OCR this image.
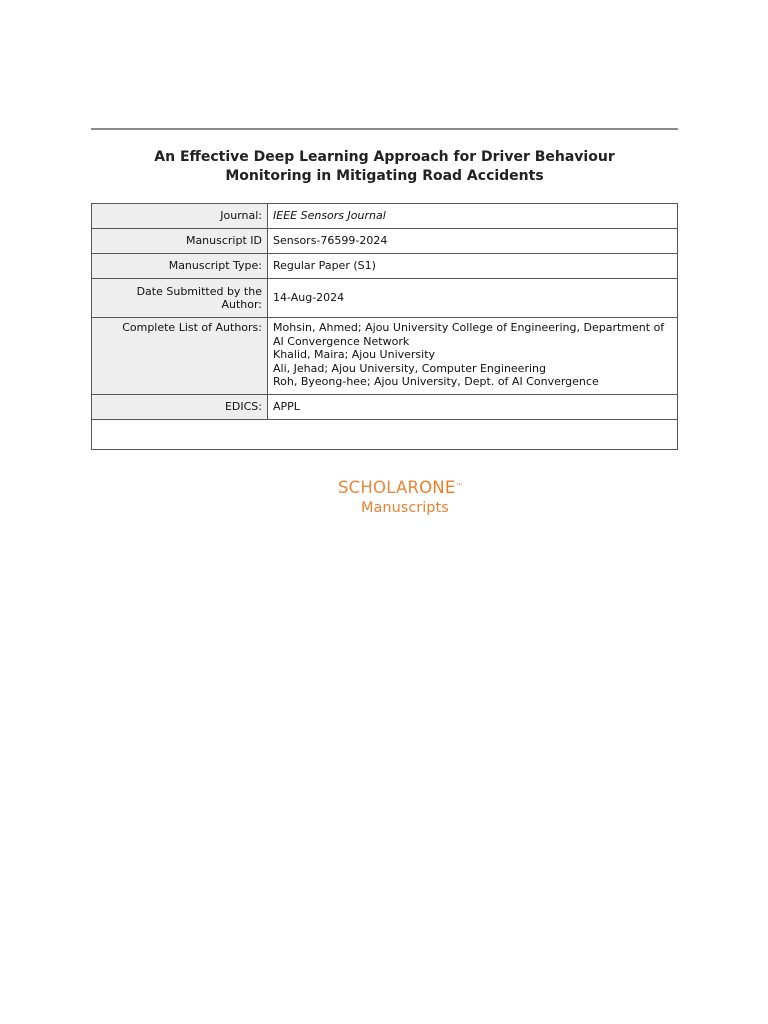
An Effective Deep Learning Approach for Driver Behaviour
Monitoring in Mitigating Road Accidents
Journal:	IEEE Sensors Journal
Manuscript ID	Sensors-76599-2024
Manuscript Type:	Regular Paper (S1)

Date Submitted by the
Author:	14-Aug-2024
Complete List of Authors:	Mohsin, Ahmed; Ajou University College of Engineering, Department of
AI Convergence Network
Khalid, Maira; Ajou University
Ali, Jehad; Ajou University, Computer Engineering
Roh, Byeong-hee; Ajou University, Dept. of AI Convergence

EDICS:	APPL

SCHOLARONE™
Manuscripts
